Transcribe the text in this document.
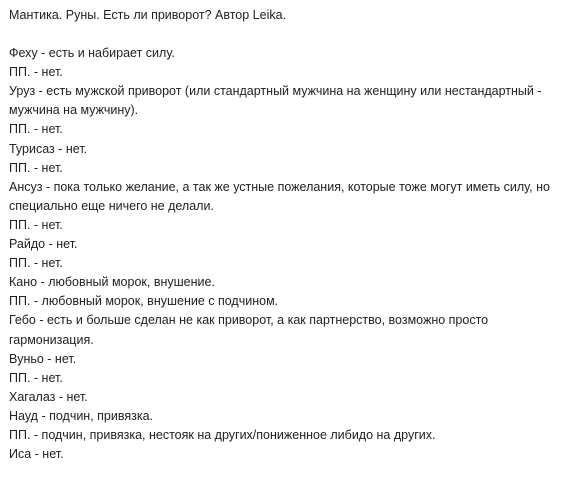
Мантика. Руны. Есть ли приворот? Автор Leika.

Феху - есть и набирает силу.

ПП. - нет.

Уруз - есть мужской приворот (или стандартный мужчина на женщину или нестандартный - мужчина на мужчину).

ПП. - нет.

Турисаз - нет.

ПП. - нет.

Ансуз - пока только желание, а так же устные пожелания, которые тоже могут иметь силу, но специально еще ничего не делали.

ПП. - нет.

Райдо - нет.

ПП. - нет.

Кано - любовный морок, внушение.

ПП. - любовный морок, внушение с подчином.

Гебо - есть и больше сделан не как приворот, а как партнерство, возможно просто гармонизация.

Вуньо - нет.

ПП. - нет.

Хагалаз - нет.

Науд - подчин, привязка.

ПП. - подчин, привязка, нестояк на других/пониженное либидо на других.

Иса - нет.
